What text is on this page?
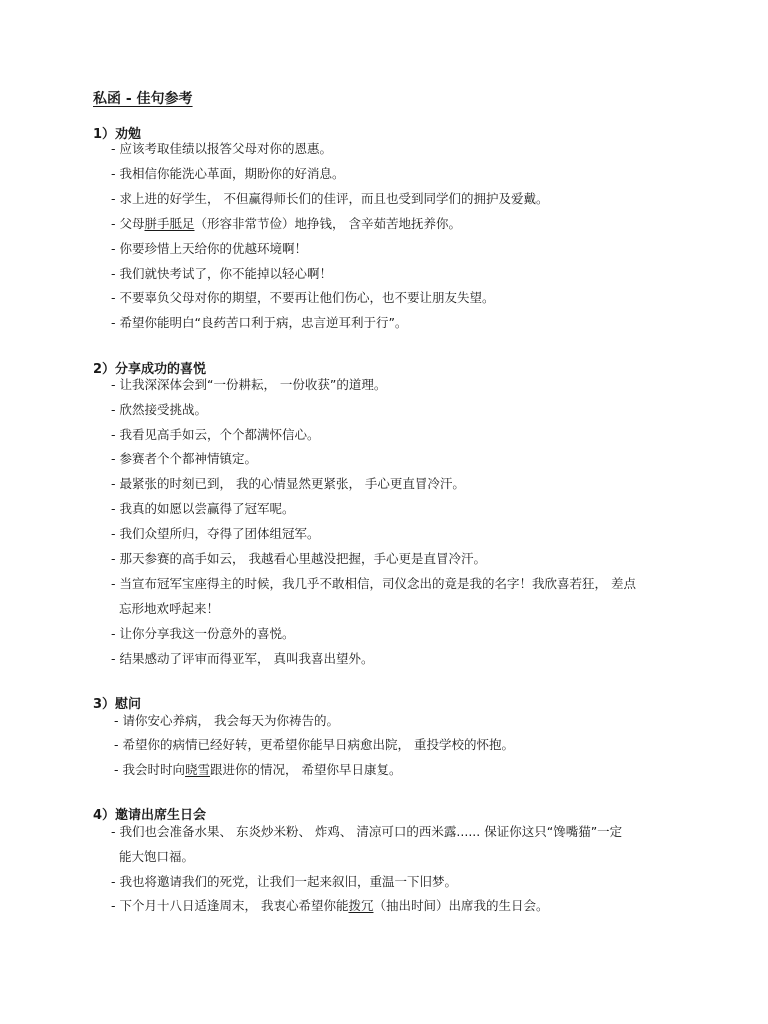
私函 - 佳句参考
1）劝勉
- 应该考取佳绩以报答父母对你的恩惠。
- 我相信你能洗心革面，期盼你的好消息。
- 求上进的好学生， 不但赢得师长们的佳评，而且也受到同学们的拥护及爱戴。
- 父母胼手胝足（形容非常节俭）地挣钱， 含辛茹苦地抚养你。
- 你要珍惜上天给你的优越环境啊！
- 我们就快考试了，你不能掉以轻心啊！
- 不要辜负父母对你的期望，不要再让他们伤心，也不要让朋友失望。
- 希望你能明白“良药苦口利于病，忠言逆耳利于行”。
2）分享成功的喜悦
- 让我深深体会到“一份耕耘， 一份收获”的道理。
- 欣然接受挑战。
- 我看见高手如云，个个都满怀信心。
- 参赛者个个都神情镇定。
- 最紧张的时刻已到， 我的心情显然更紧张， 手心更直冒冷汗。
- 我真的如愿以尝赢得了冠军呢。
- 我们众望所归，夺得了团体组冠军。
- 那天参赛的高手如云， 我越看心里越没把握，手心更是直冒冷汗。
- 当宣布冠军宝座得主的时候，我几乎不敢相信，司仪念出的竟是我的名字！我欣喜若狂， 差点
忘形地欢呼起来！
- 让你分享我这一份意外的喜悦。
- 结果感动了评审而得亚军， 真叫我喜出望外。
3）慰问
- 请你安心养病， 我会每天为你祷告的。
- 希望你的病情已经好转，更希望你能早日病愈出院， 重投学校的怀抱。
- 我会时时向晓雪跟进你的情况， 希望你早日康复。
4）邀请出席生日会
- 我们也会准备水果、 东炎炒米粉、 炸鸡、 清凉可口的西米露...... 保证你这只“馋嘴猫”一定
能大饱口福。
- 我也将邀请我们的死党，让我们一起来叙旧，重温一下旧梦。
- 下个月十八日适逢周末， 我衷心希望你能拨冗（抽出时间）出席我的生日会。
